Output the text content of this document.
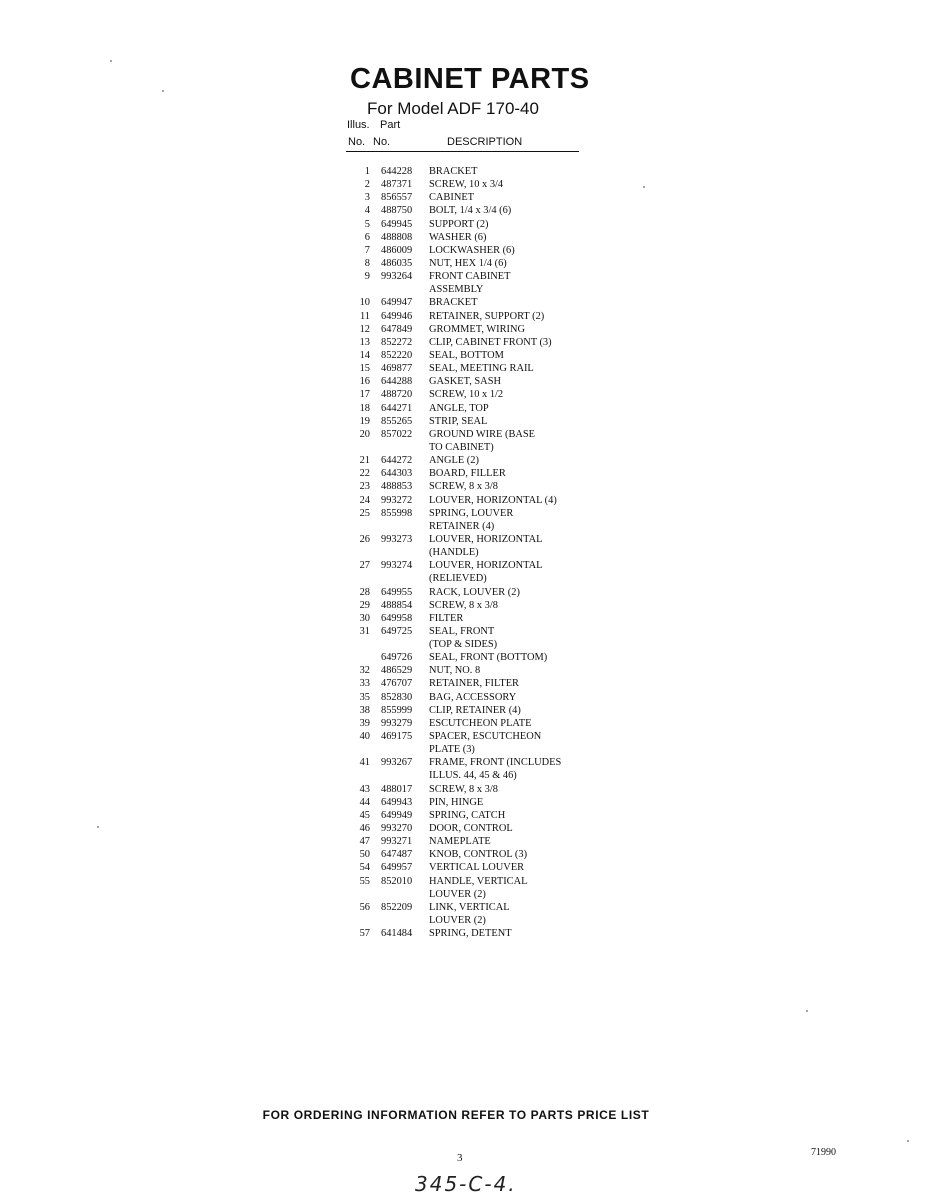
CABINET PARTS
For Model ADF 170-40
Illus. Part
No. No.	DESCRIPTION
1 644228 BRACKET
2 487371 SCREW, 10 x 3/4
3 856557 CABINET
4 488750 BOLT, 1/4 x 3/4 (6)
5 649945 SUPPORT (2)
6 488808 WASHER (6)
7 486009 LOCKWASHER (6)
8 486035 NUT, HEX 1/4 (6)
9 993264 FRONT CABINET
ASSEMBLY
10 649947 BRACKET
11 649946 RETAINER, SUPPORT (2)
12 647849 GROMMET, WIRING
13 852272 CLIP, CABINET FRONT (3)
14 852220 SEAL, BOTTOM
15 469877 SEAL, MEETING RAIL
16 644288 GASKET, SASH
17 488720 SCREW, 10 x 1/2
18 644271 ANGLE, TOP
19 855265 STRIP, SEAL
20 857022 GROUND WIRE (BASE
TO CABINET)
21 644272 ANGLE (2)
22 644303 BOARD, FILLER
23 488853 SCREW, 8 x 3/8
24 993272 LOUVER, HORIZONTAL (4)
25 855998 SPRING, LOUVER
RETAINER (4)
26 993273 LOUVER, HORIZONTAL
(HANDLE)
27 993274 LOUVER, HORIZONTAL
(RELIEVED)
28 649955 RACK, LOUVER (2)
29 488854 SCREW, 8 x 3/8
30 649958 FILTER
31 649725 SEAL, FRONT
(TOP & SIDES)
649726 SEAL, FRONT (BOTTOM)
32 486529 NUT, NO. 8
33 476707 RETAINER, FILTER
35 852830 BAG, ACCESSORY
38 855999 CLIP, RETAINER (4)
39 993279 ESCUTCHEON PLATE
40 469175 SPACER, ESCUTCHEON
PLATE (3)
41 993267 FRAME, FRONT (INCLUDES
ILLUS. 44, 45 & 46)
43 488017 SCREW, 8 x 3/8
44 649943 PIN, HINGE
45 649949 SPRING, CATCH
46 993270 DOOR, CONTROL
47 993271 NAMEPLATE
50 647487 KNOB, CONTROL (3)
54 649957 VERTICAL LOUVER
55 852010 HANDLE, VERTICAL
LOUVER (2)
56 852209 LINK, VERTICAL
LOUVER (2)
57 641484 SPRING, DETENT
FOR ORDERING INFORMATION REFER TO PARTS PRICE LIST
3	71990
345-C-4.
